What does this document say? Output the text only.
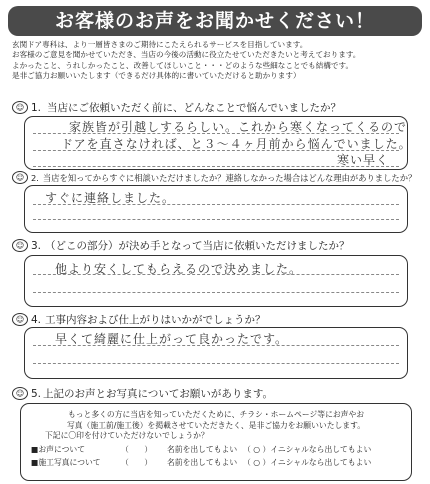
お客様のお声をお聞かせください！
玄関ドア専科は、より一層皆さまのご期待にこたえられるサービスを目指しています。
お客様のご意見を聞かせていただき、当店の今後の活動に役立たせていただきたいと考えております。
よかったこと、うれしかったこと、改善してほしいこと・・・どのような些細なことでも結構です。
是非ご協力お願いいたします（できるだけ具体的に書いていただけると助かります）
☺ 1. 当店にご依頼いただく前に、どんなことで悩んでいましたか？
家族皆が引越しするらしい。これから寒くなってくるので
ドアを直さなければ、と３〜４ヶ月前から悩んでいました。
寒い早く
☺ 2. 当店を知ってからすぐに相談いただけましたか？連絡しなかった場合はどんな理由がありましたか？
すぐに連絡しました。
☺ 3. （どこの部分）が決め手となって当店に依頼いただけましたか？
他より安くしてもらえるので決めました。
☺ 4. 工事内容および仕上がりはいかがでしょうか？
早くて綺麗に仕上がって良かったです。
☺ 5. 上記のお声とお写真についてお願いがあります。
もっと多くの方に当店を知っていただくために、チラシ・ホームページ等にお声やお
写真（施工前/施工後）を掲載させていただきたく、是非ご協力をお願いいたします。
下記に〇印を付けていただけないでしょうか？
■お声について	（　　）	名前を出してもよい （ ○ ）イニシャルなら出してもよい
■施工写真について	（　　）	名前を出してもよい （ ○ ）イニシャルなら出してもよい
